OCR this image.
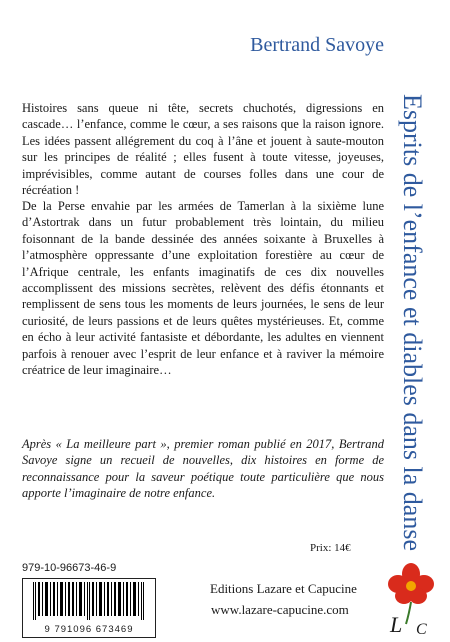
Bertrand Savoye
Esprits de l’enfance et diables dans la danse

Histoires sans queue ni tête, secrets chuchotés, digressions en cascade… l’enfance, comme le cœur, a ses raisons que la raison ignore. Les idées passent allégrement du coq à l’âne et jouent à saute-mouton sur les principes de réalité ; elles fusent à toute vitesse, joyeuses, imprévisibles, comme autant de courses folles dans une cour de récréation !

De la Perse envahie par les armées de Tamerlan à la sixième lune d’Astortrak dans un futur probablement très lointain, du milieu foisonnant de la bande dessinée des années soixante à Bruxelles à l’atmosphère oppressante d’une exploitation forestière au cœur de l’Afrique centrale, les enfants imaginatifs de ces dix nouvelles accomplissent des missions secrètes, relèvent des défis étonnants et remplissent de sens tous les moments de leurs journées, le sens de leur curiosité, de leurs passions et de leurs quêtes mystérieuses. Et, comme en écho à leur activité fantasiste et débordante, les adultes en viennent parfois à renouer avec l’esprit de leur enfance et à raviver la mémoire créatrice de leur imaginaire…

Après « La meilleure part », premier roman publié en 2017, Bertrand Savoye signe un recueil de nouvelles, dix histoires en forme de reconnaissance pour la saveur poétique toute particulière que nous apporte l’imaginaire de notre enfance.

Prix: 14€
979-10-96673-46-9
9 791096 673469
Editions Lazare et Capucine
www.lazare-capucine.com
L C
